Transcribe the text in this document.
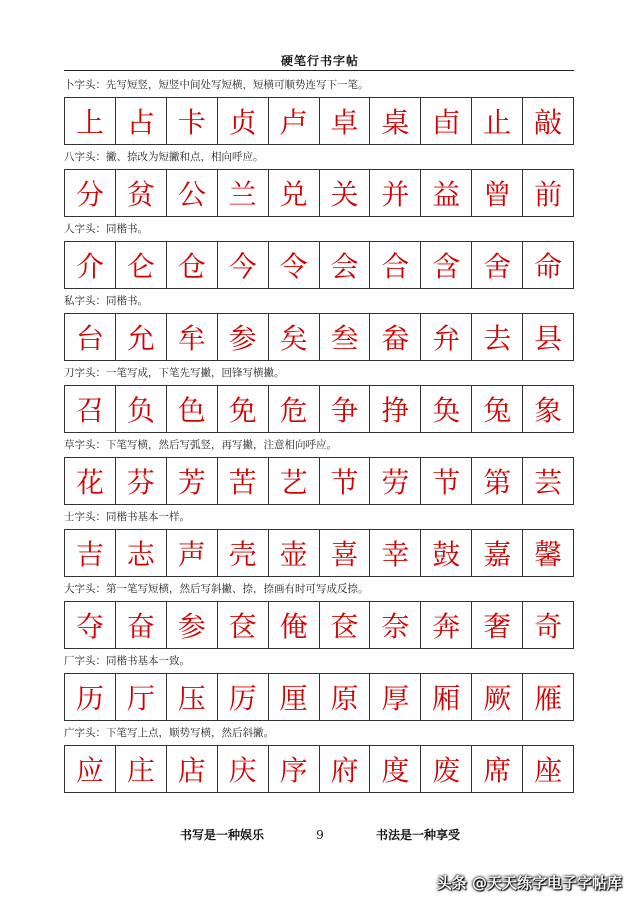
硬笔行书字帖
卜字头：先写短竖，短竖中间处写短横，短横可顺势连写下一笔。
上 占 卡 贞 卢 卓 桌 卣 止 敲
八字头：撇、捺改为短撇和点，相向呼应。
分 贫 公 兰 兑 关 并 益 曾 前
人字头：同楷书。
介 仑 仓 今 令 会 合 含 舍 命
私字头：同楷书。
台 允 牟 参 矣 叁 畚 弁 去 县
刀字头：一笔写成，下笔先写撇，回锋写横撇。
召 负 色 免 危 争 挣 奂 兔 象
草字头：下笔写横，然后写弧竖，再写撇，注意相向呼应。
花 芬 芳 苦 艺 节 劳 节 第 芸
士字头：同楷书基本一样。
吉 志 声 壳 壶 喜 幸 鼓 嘉 馨
大字头：第一笔写短横，然后写斜撇、捺，捺画有时可写成反捺。
夺 奋 参 奁 俺 奁 奈 奔 奢 奇
厂字头：同楷书基本一致。
历 厅 压 厉 厘 原 厚 厢 厥 雁
广字头：下笔写上点，顺势写横，然后斜撇。
应 庄 店 庆 序 府 度 废 席 座
书写是一种娱乐	9	书法是一种享受
头条 @天天练字电子字帖库
